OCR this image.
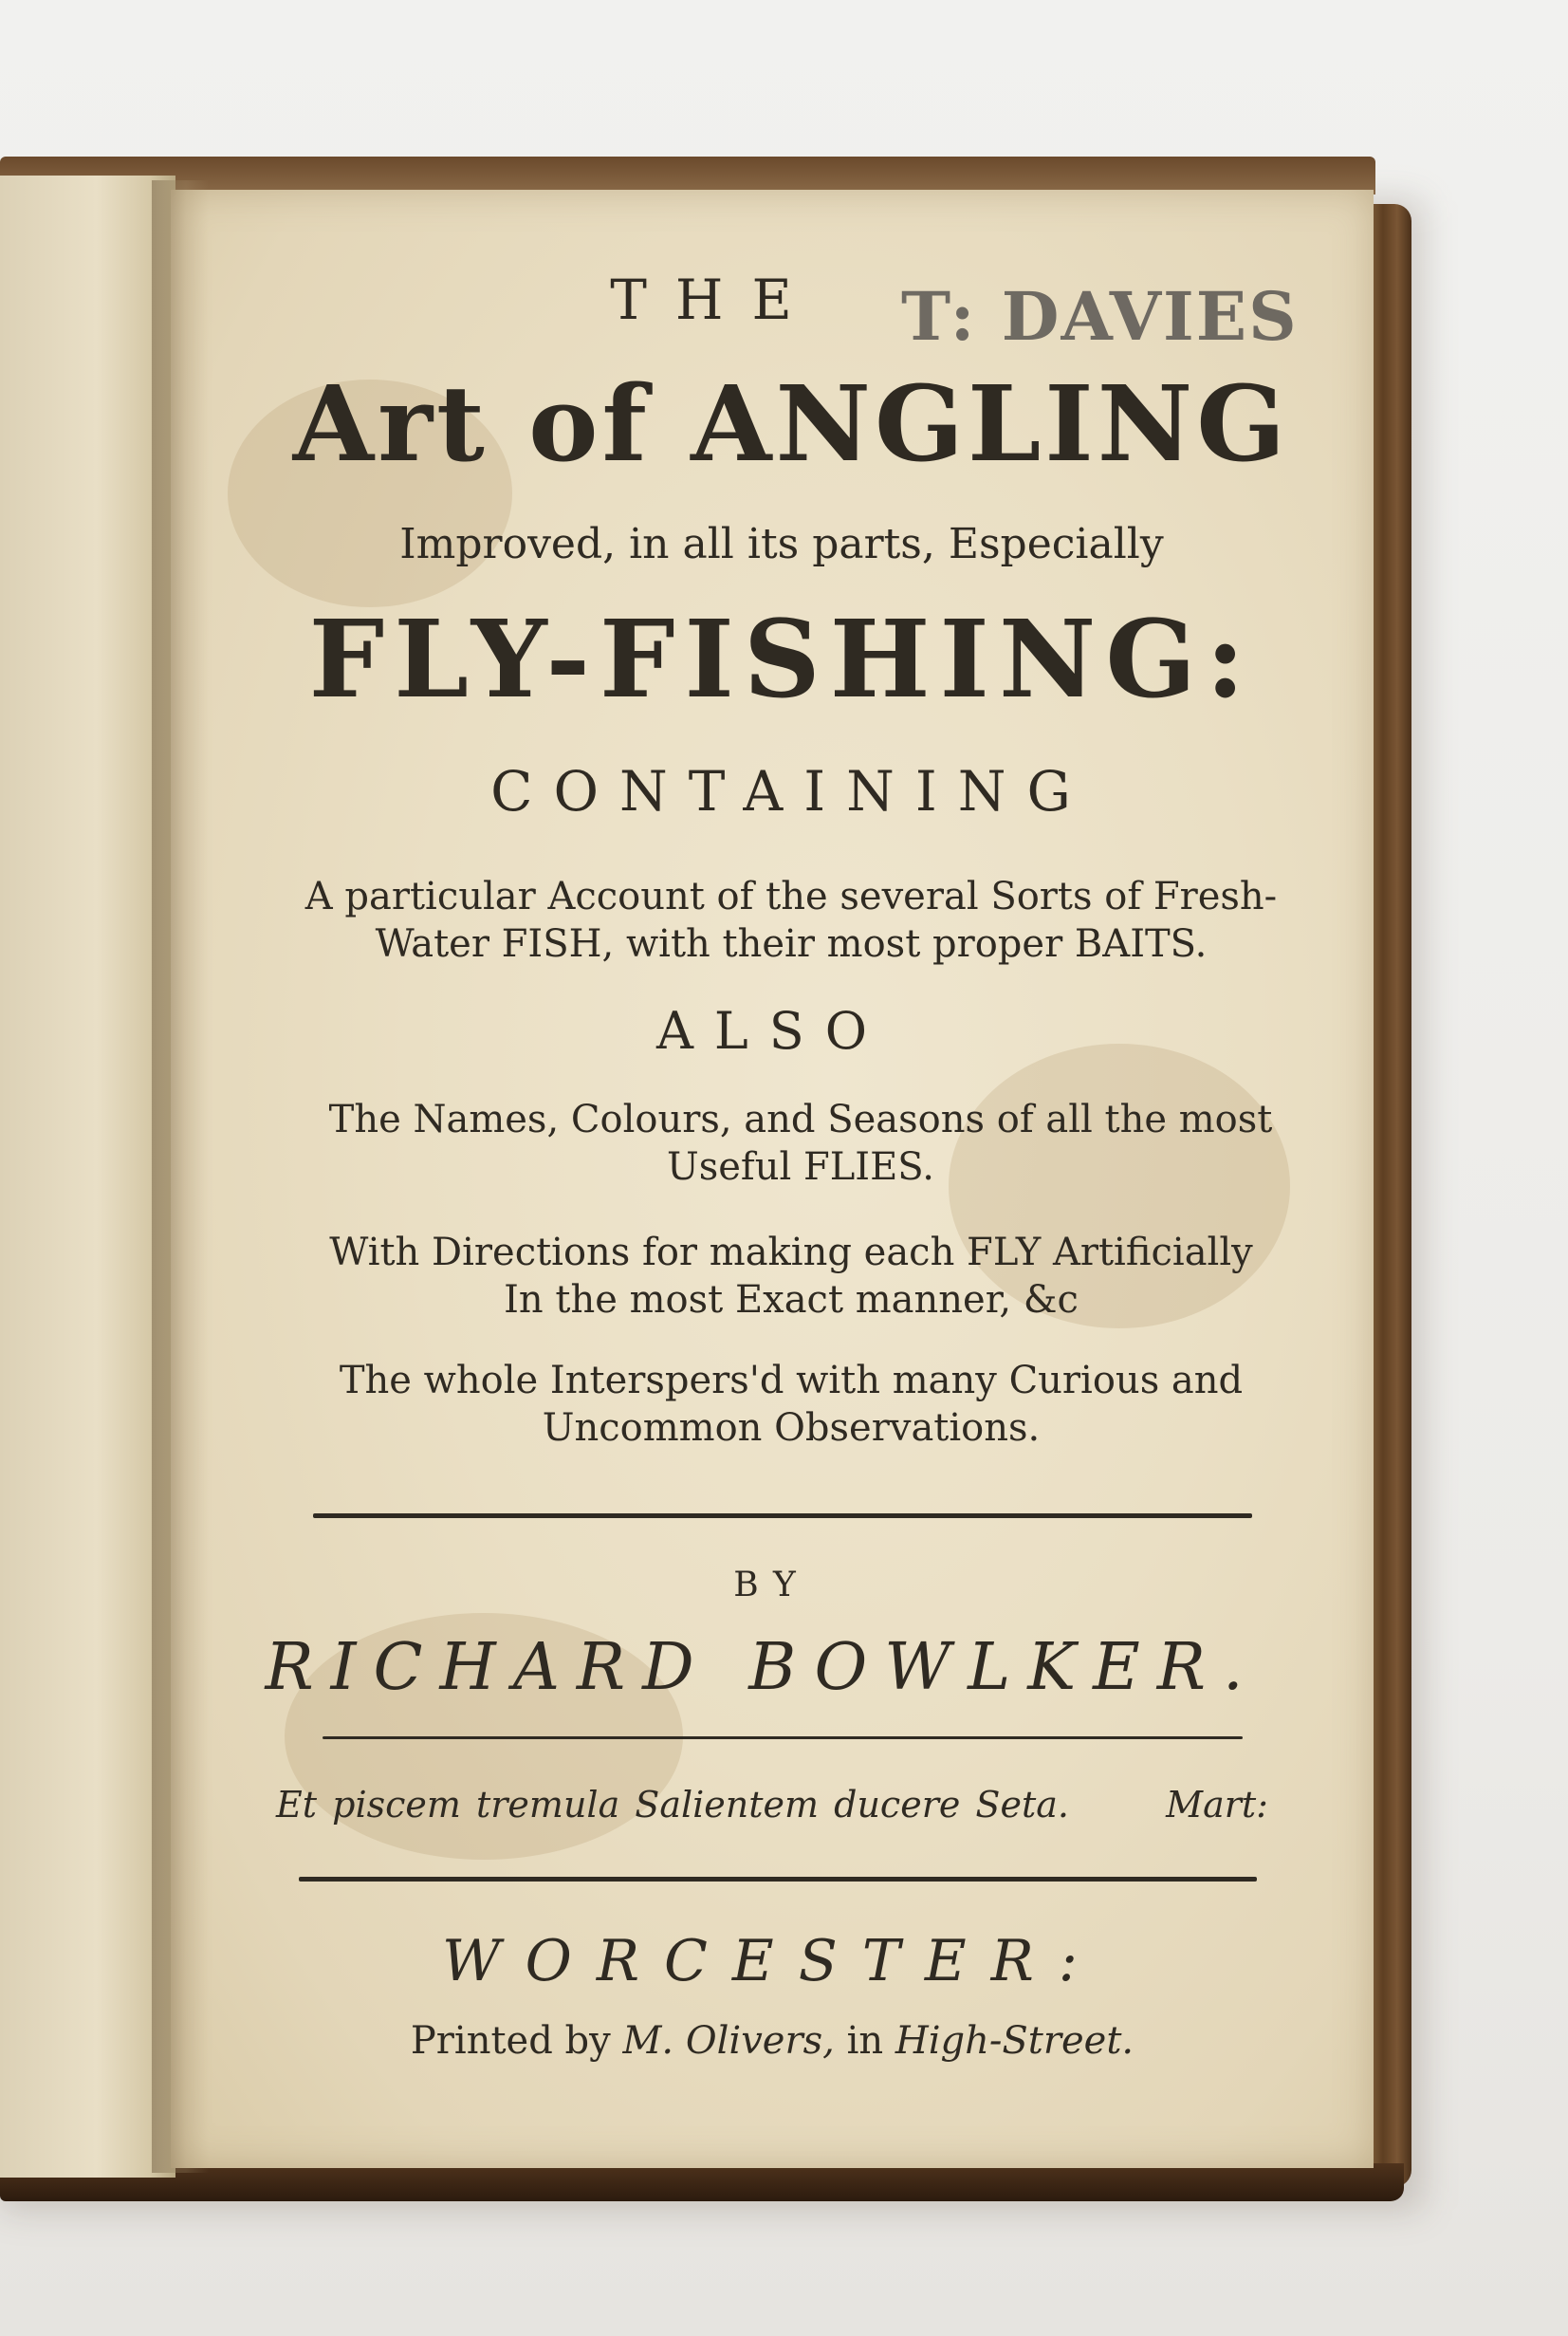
THE	T: DAVIES
Art of ANGLING
Improved, in all its parts, Especially
FLY-FISHING:
CONTAINING
A particular Account of the several Sorts of Fresh-
Water FISH, with their most proper BAITS.
ALSO
The Names, Colours, and Seasons of all the most
Useful FLIES.
With Directions for making each FLY Artificially
In the most Exact manner, &c
The whole Interspers'd with many Curious and
Uncommon Observations.
BY
RICHARD BOWLKER.
Et piscem tremula Salientem ducere Seta.	Mart:
WORCESTER:
Printed by M. Olivers, in High-Street.
